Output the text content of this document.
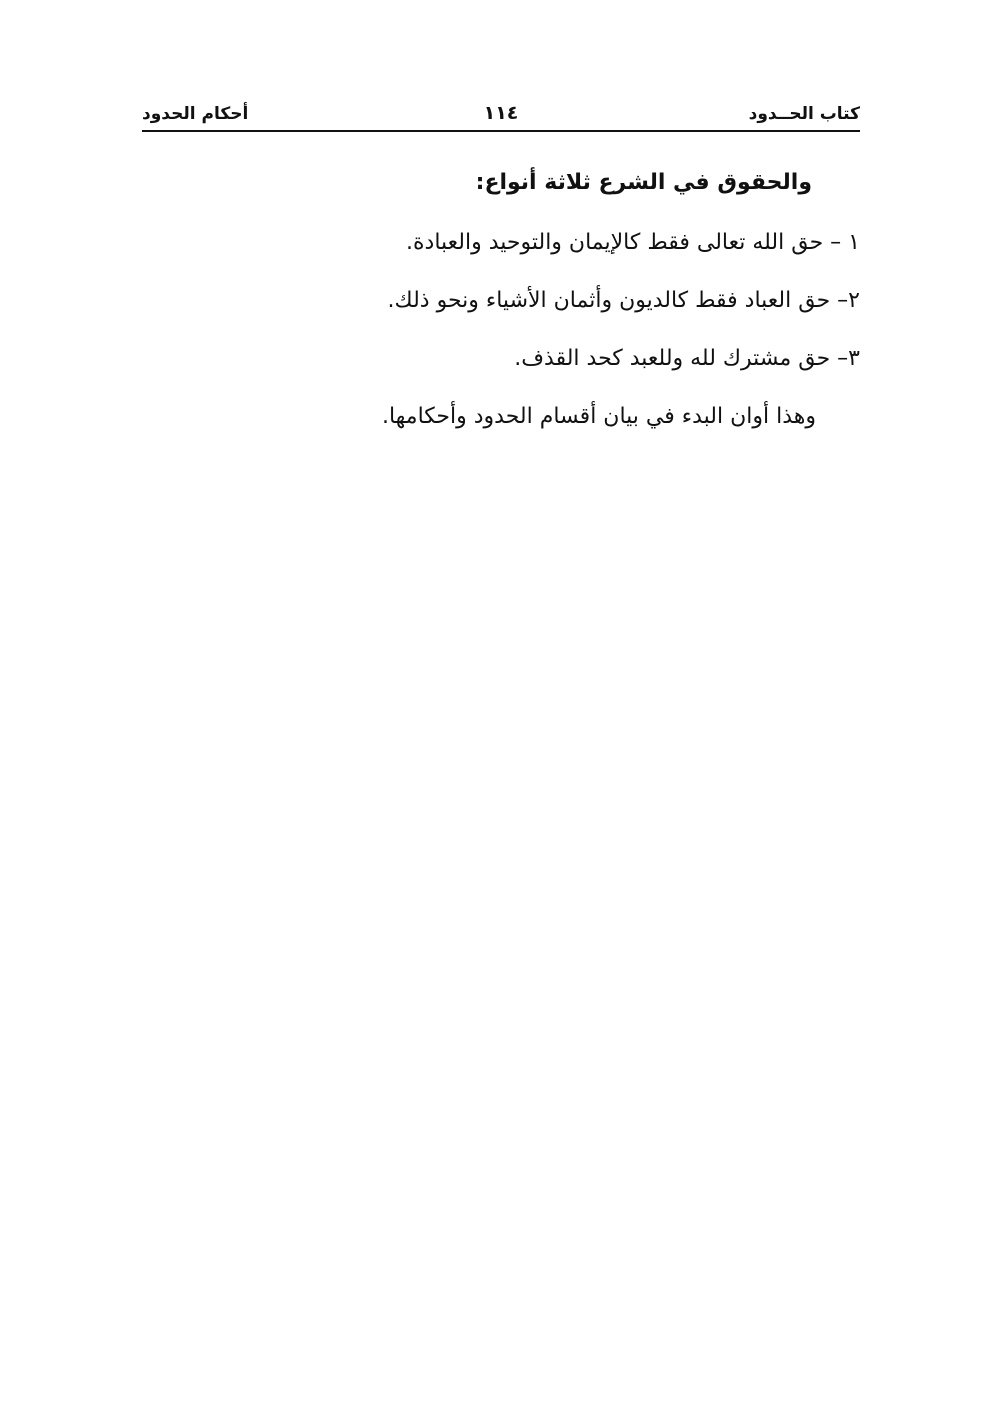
كتاب الحــدود
١١٤
أحكام الحدود
والحقوق في الشرع ثلاثة أنواع:
١ – حق الله تعالى فقط كالإيمان والتوحيد والعبادة.
٢– حق العباد فقط كالديون وأثمان الأشياء ونحو ذلك.
٣– حق مشترك لله وللعبد كحد القذف.
وهذا أوان البدء في بيان أقسام الحدود وأحكامها.
